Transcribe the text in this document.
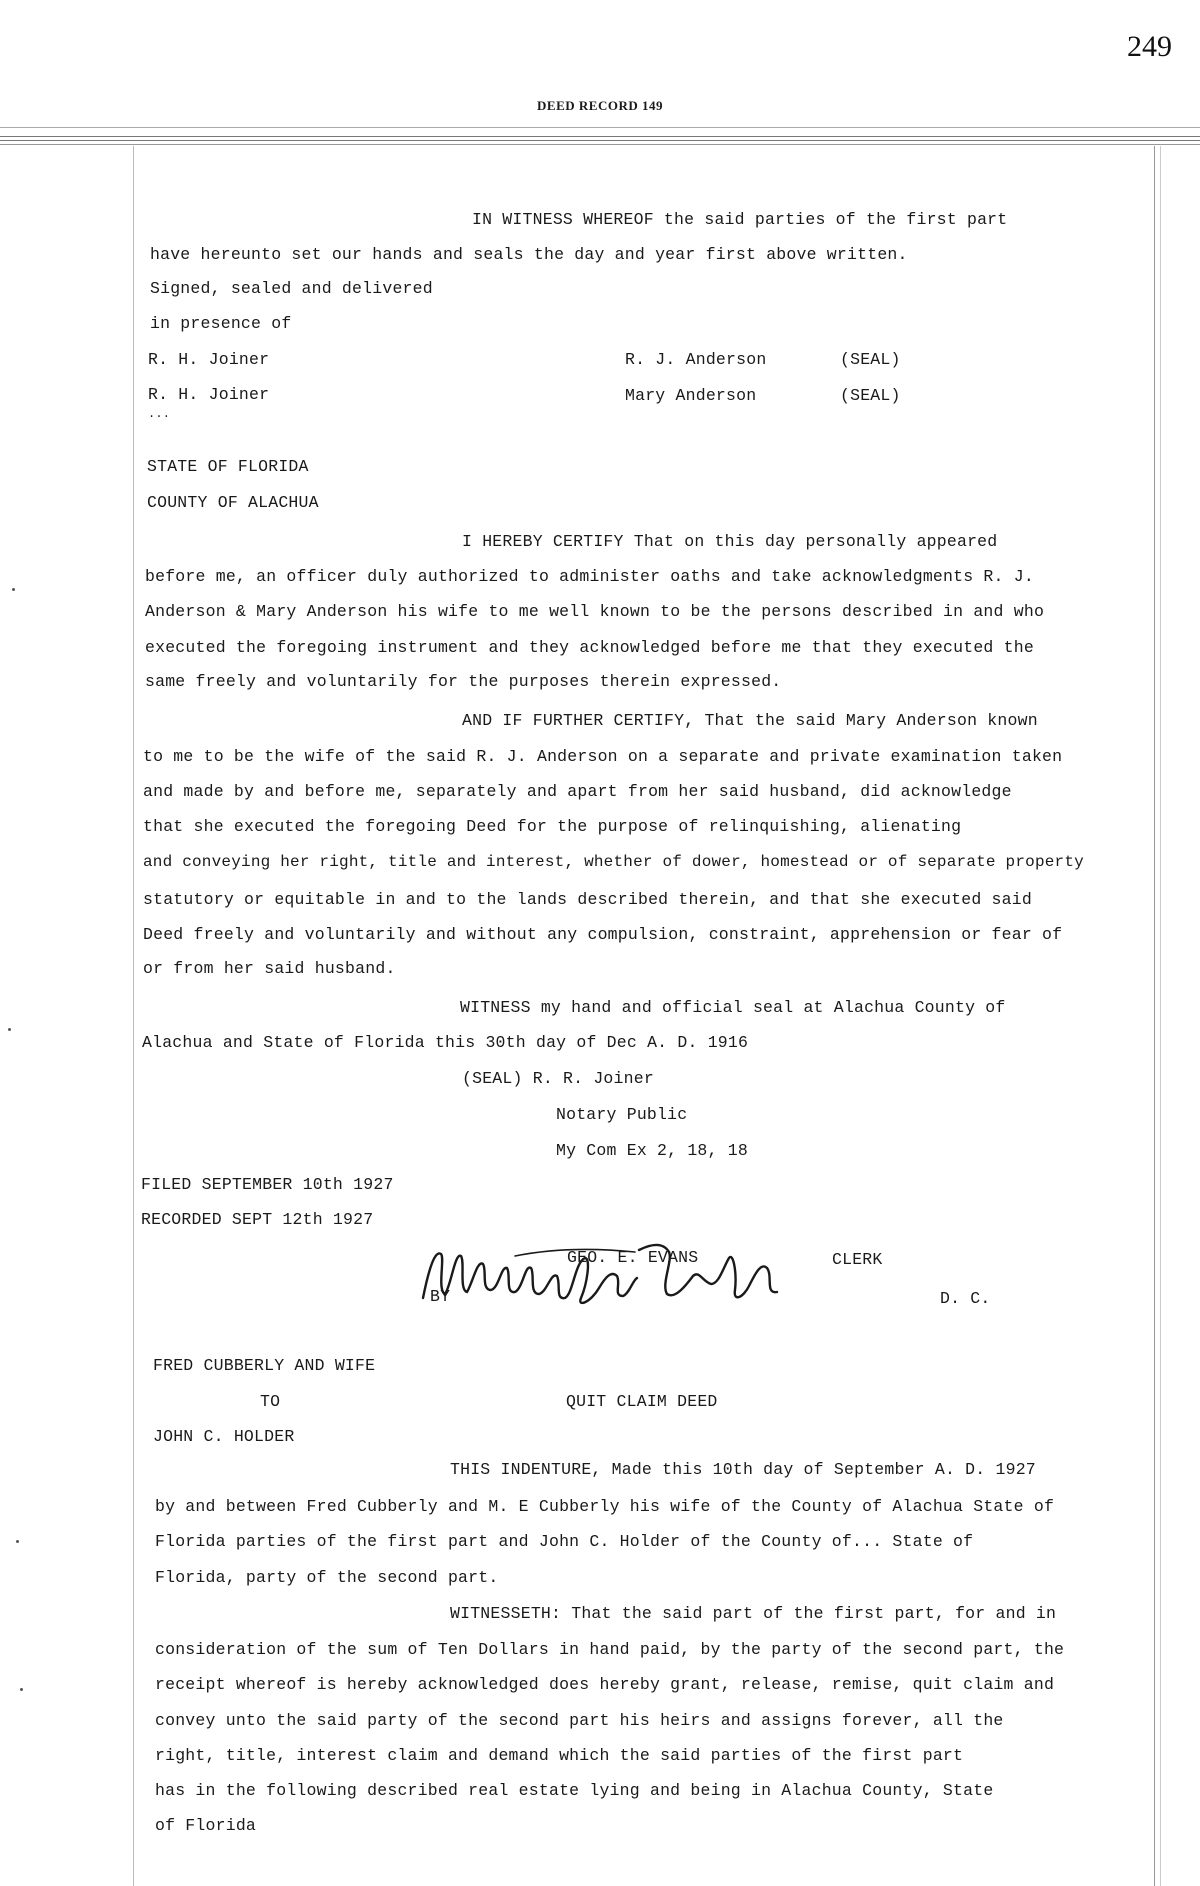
249
DEED RECORD 149
IN WITNESS WHEREOF the said parties of the first part
have hereunto set our hands and seals the day and year first above written.
Signed, sealed and delivered
in presence of
R. H. Joiner	R. J. Anderson	(SEAL)
R. H. Joiner	Mary Anderson	(SEAL)
...
STATE OF FLORIDA
COUNTY OF ALACHUA
I HEREBY CERTIFY That on this day personally appeared
before me, an officer duly authorized to administer oaths and take acknowledgments R. J.
Anderson & Mary Anderson his wife to me well known to be the persons described in and who
executed the foregoing instrument and they acknowledged before me that they executed the
same freely and voluntarily for the purposes therein expressed.
AND IF FURTHER CERTIFY, That the said Mary Anderson known
to me to be the wife of the said R. J. Anderson on a separate and private examination taken
and made by and before me, separately and apart from her said husband, did acknowledge
that she executed the foregoing Deed for the purpose of relinquishing, alienating
and conveying her right, title and interest, whether of dower, homestead or of separate property
statutory or equitable in and to the lands described therein, and that she executed said
Deed freely and voluntarily and without any compulsion, constraint, apprehension or fear of
or from her said husband.
WITNESS my hand and official seal at Alachua County of
Alachua and State of Florida this 30th day of Dec A. D. 1916
(SEAL) R. R. Joiner
Notary Public
My Com Ex 2, 18, 18
FILED SEPTEMBER 10th 1927
RECORDED SEPT 12th 1927
GEO. E. EVANS	CLERK
BY	D. C.
FRED CUBBERLY AND WIFE
TO	QUIT CLAIM DEED
JOHN C. HOLDER
THIS INDENTURE, Made this 10th day of September A. D. 1927
by and between Fred Cubberly and M. E Cubberly his wife of the County of Alachua State of
Florida parties of the first part and John C. Holder of the County of... State of
Florida, party of the second part.
WITNESSETH: That the said part of the first part, for and in
consideration of the sum of Ten Dollars in hand paid, by the party of the second part, the
receipt whereof is hereby acknowledged does hereby grant, release, remise, quit claim and
convey unto the said party of the second part his heirs and assigns forever, all the
right, title, interest claim and demand which the said parties of the first part
has in the following described real estate lying and being in Alachua County, State
of Florida
